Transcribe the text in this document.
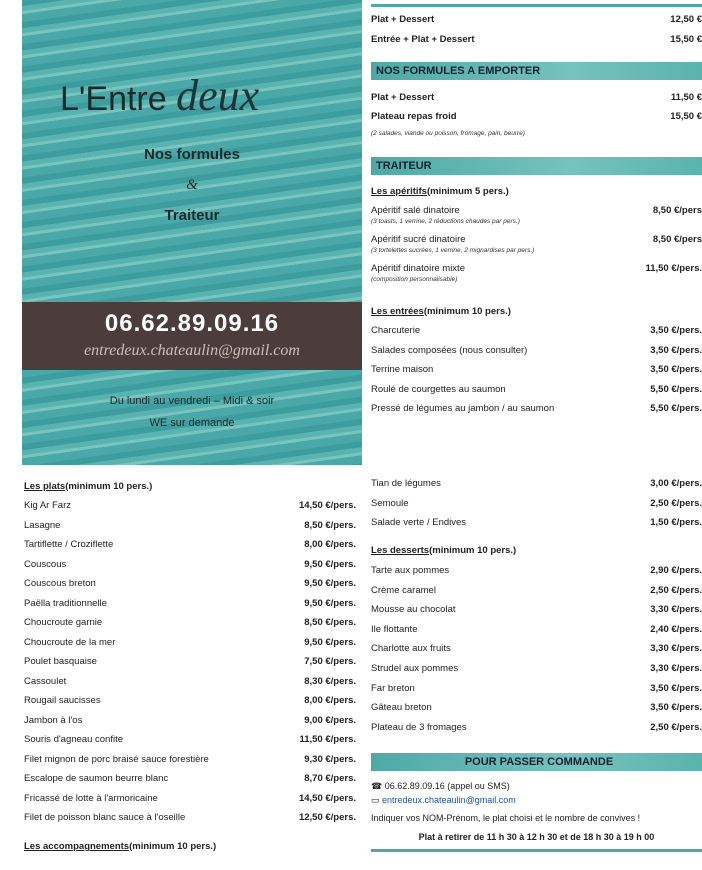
L'Entre deux
Nos formules
&
Traiteur
06.62.89.09.16
entredeux.chateaulin@gmail.com
Du lundi au vendredi – Midi & soir
WE sur demande
Plat + Dessert	12,50 €
Entrée + Plat + Dessert	15,50 €
Plat + Dessert	11,50 €
Plateau repas froid	15,50 €
(2 salades, viande ou poisson, fromage, pain, beurre)
Les apéritifs (minimum 5 pers.)
Apéritif salé dinatoire	8,50 €/pers
(3 toasts, 1 verrine, 2 réductions chaudes par pers.)
Apéritif sucré dinatoire	8,50 €/pers
(3 tortelettes sucrées, 1 verrine, 2 mignardises par pers.)
Apéritif dinatoire mixte	11,50 €/pers.
(composition personnalisable)
Les entrées (minimum 10 pers.)
Charcuterie	3,50 €/pers.
Salades composées (nous consulter)	3,50 €/pers.
Terrine maison	3,50 €/pers.
Roulé de courgettes au saumon	5,50 €/pers.
Pressé de légumes au jambon / au saumon	5,50 €/pers.
Tian de légumes	3,00 €/pers.
Semoule	2,50 €/pers.
Salade verte / Endives	1,50 €/pers.
Les desserts (minimum 10 pers.)
Tarte aux pommes	2,90 €/pers.
Crème caramel	2,50 €/pers.
Mousse au chocolat	3,30 €/pers.
Ile flottante	2,40 €/pers.
Charlotte aux fruits	3,30 €/pers.
Strudel aux pommes	3,30 €/pers.
Far breton	3,50 €/pers.
Gâteau breton	3,50 €/pers.
Plateau de 3 fromages	2,50 €/pers.
Les plats (minimum 10 pers.)
Kig Ar Farz	14,50 €/pers.
Lasagne	8,50 €/pers.
Tartiflette / Croziflette	8,00 €/pers.
Couscous	9,50 €/pers.
Couscous breton	9,50 €/pers.
Paëlla traditionnelle	9,50 €/pers.
Choucroute garnie	8,50 €/pers.
Choucroute de la mer	9,50 €/pers.
Poulet basquaise	7,50 €/pers.
Cassoulet	8,30 €/pers.
Rougail saucisses	8,00 €/pers.
Jambon à l'os	9,00 €/pers.
Souris d'agneau confite	11,50 €/pers.
Filet mignon de porc braisé sauce forestière	9,30 €/pers.
Escalope de saumon beurre blanc	8,70 €/pers.
Fricassé de lotte à l'armoricaine	14,50 €/pers.
Filet de poisson blanc sauce à l'oseille	12,50 €/pers.
Les accompagnements (minimum 10 pers.)
NOS FORMULES A EMPORTER
TRAITEUR
POUR PASSER COMMANDE
☎ 06.62.89.09.16 (appel ou SMS)
▭ entredeux.chateaulin@gmail.com
Indiquer vos NOM-Prénom, le plat choisi et le nombre de convives !
Plat à retirer de 11 h 30 à 12 h 30 et de 18 h 30 à 19 h 00
